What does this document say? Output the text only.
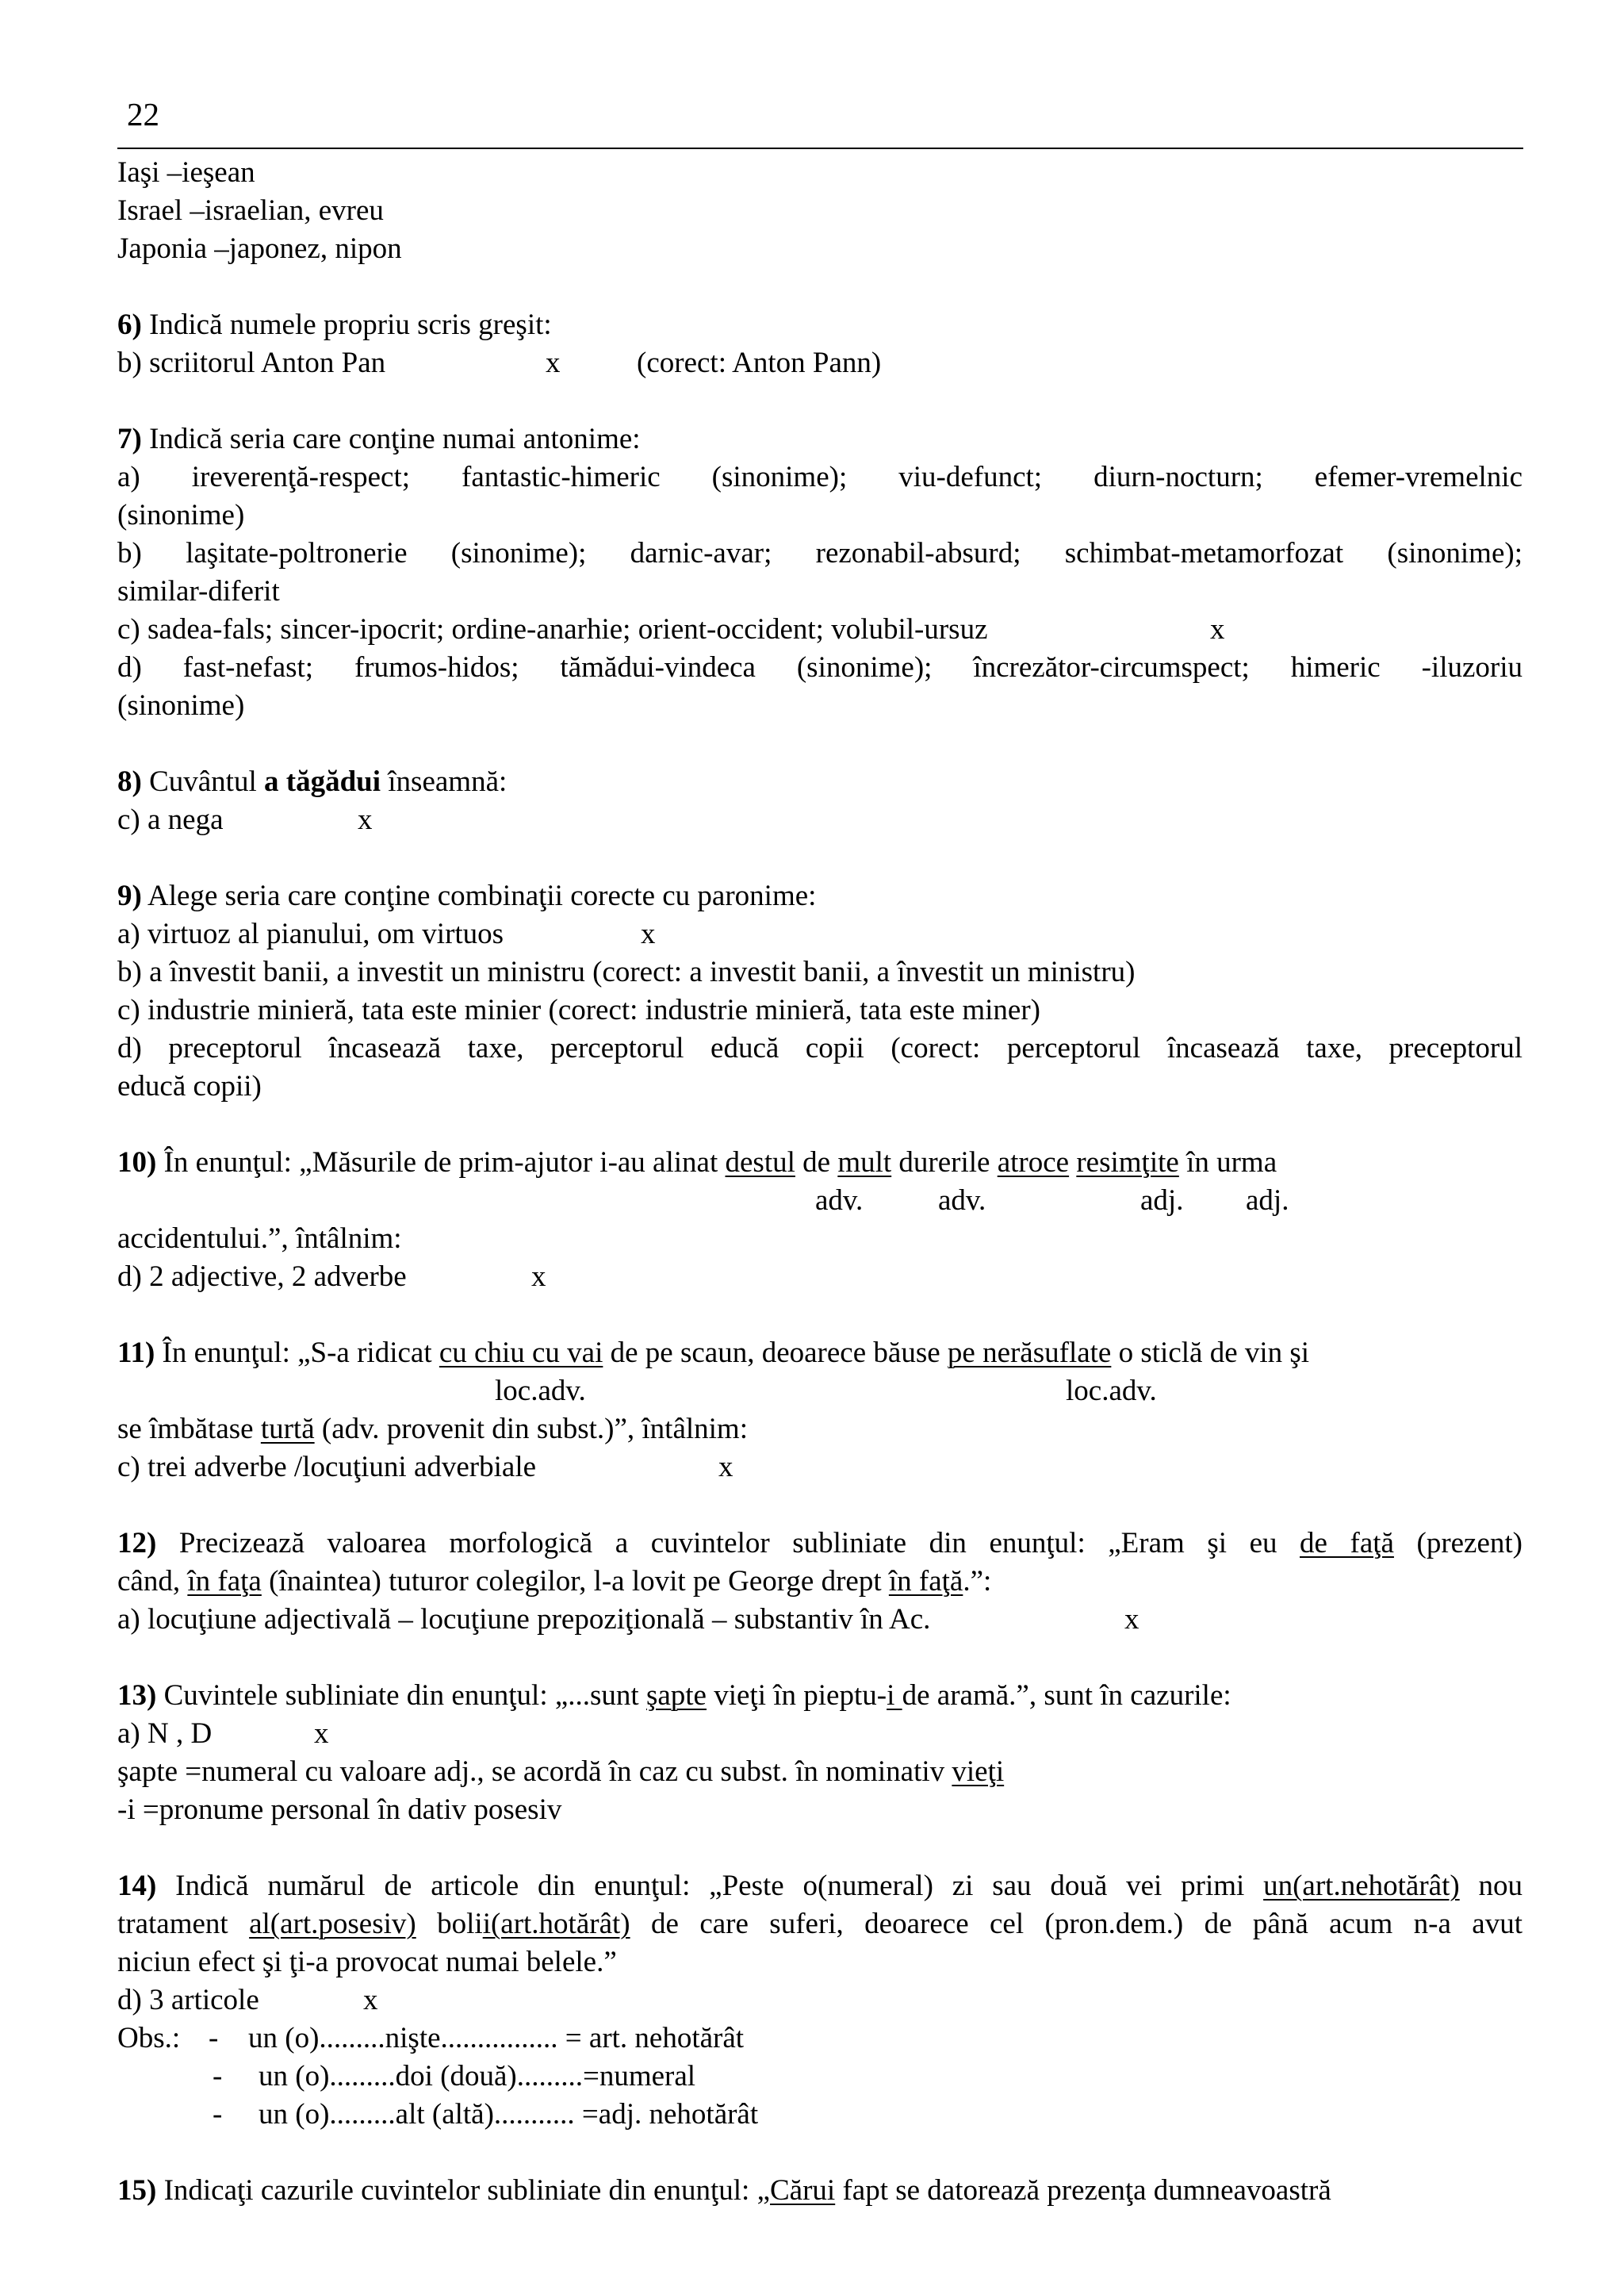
22
Iaşi –ieşean
Israel –israelian, evreu
Japonia –japonez, nipon
6) Indică numele propriu scris greşit:
b) scriitorul Anton Pan	x	(corect: Anton Pann)
7) Indică seria care conţine numai antonime:
a) ireverenţă-respect; fantastic-himeric (sinonime); viu-defunct; diurn-nocturn; efemer-vremelnic
(sinonime)
b) laşitate-poltronerie (sinonime); darnic-avar; rezonabil-absurd; schimbat-metamorfozat (sinonime);
similar-diferit
c) sadea-fals; sincer-ipocrit; ordine-anarhie; orient-occident; volubil-ursuz	x
d) fast-nefast; frumos-hidos; tămădui-vindeca (sinonime); încrezător-circumspect; himeric -iluzoriu
(sinonime)
8) Cuvântul a tăgădui înseamnă:
c) a nega	x
9) Alege seria care conţine combinaţii corecte cu paronime:
a) virtuoz al pianului, om virtuos	x
b) a învestit banii, a investit un ministru (corect: a investit banii, a învestit un ministru)
c) industrie minieră, tata este minier (corect: industrie minieră, tata este miner)
d) preceptorul încasează taxe, perceptorul educă copii (corect: perceptorul încasează taxe, preceptorul
educă copii)
10) În enunţul: „Măsurile de prim-ajutor i-au alinat destul de mult durerile atroce resimţite în urma
adv.	adv.	adj. adj.
accidentului.”, întâlnim:
d) 2 adjective, 2 adverbe	x
11) În enunţul: „S-a ridicat cu chiu cu vai de pe scaun, deoarece băuse pe nerăsuflate o sticlă de vin şi
loc.adv.	loc.adv.
se îmbătase turtă (adv. provenit din subst.)”, întâlnim:
c) trei adverbe /locuţiuni adverbiale	x
12) Precizează valoarea morfologică a cuvintelor subliniate din enunţul: „Eram şi eu de faţă (prezent)
când, în faţa (înaintea) tuturor colegilor, l-a lovit pe George drept în faţă.”:
a) locuţiune adjectivală – locuţiune prepoziţională – substantiv în Ac.	x
13) Cuvintele subliniate din enunţul: „...sunt şapte vieţi în pieptu-i de aramă.”, sunt în cazurile:
a) N , D	x
şapte =numeral cu valoare adj., se acordă în caz cu subst. în nominativ vieţi
-i =pronume personal în dativ posesiv
14) Indică numărul de articole din enunţul: „Peste o(numeral) zi sau două vei primi un(art.nehotărât) nou
tratament al(art.posesiv) bolii(art.hotărât) de care suferi, deoarece cel (pron.dem.) de până acum n-a avut
niciun efect şi ţi-a provocat numai belele.”
d) 3 articole	x
Obs.: - un (o).........nişte................ = art. nehotărât
- un (o).........doi (două).........=numeral
- un (o).........alt (altă)........... =adj. nehotărât
15) Indicaţi cazurile cuvintelor subliniate din enunţul: „Cărui fapt se datorează prezenţa dumneavoastră
